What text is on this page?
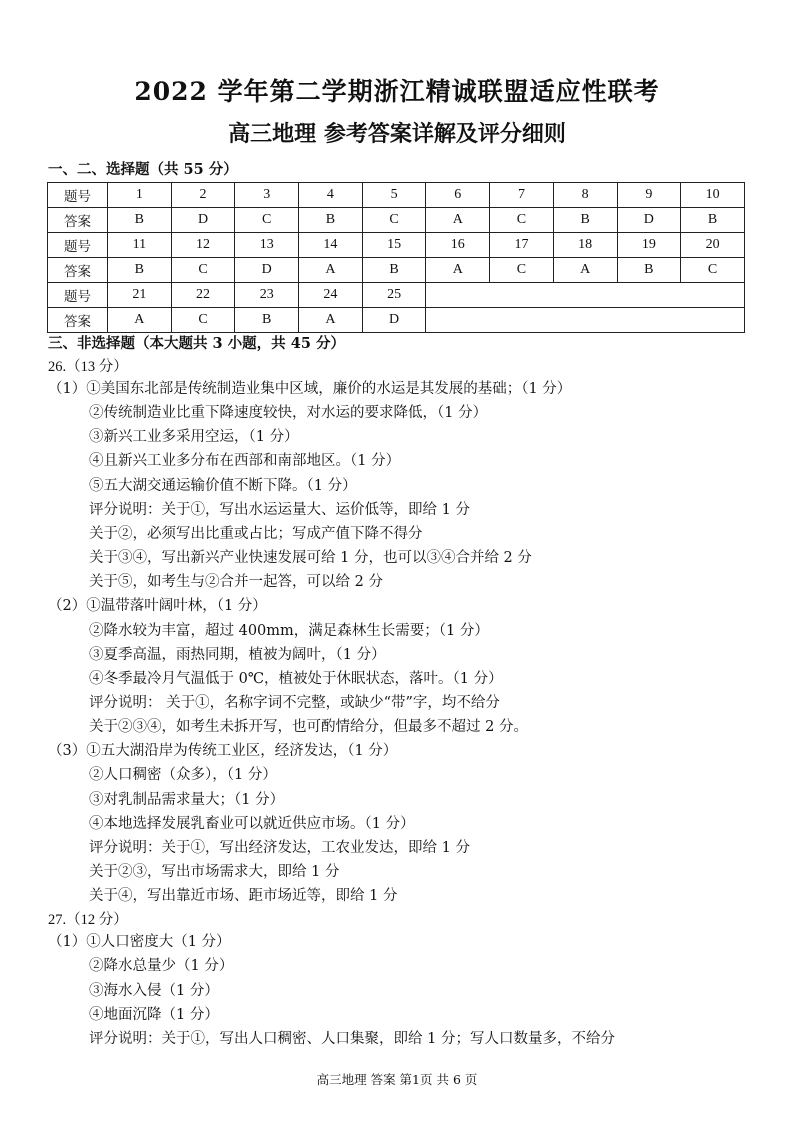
2022 学年第二学期浙江精诚联盟适应性联考
高三地理 参考答案详解及评分细则
一、二、选择题（共 55 分）
题号	1	2	3	4	5	6	7	8	9	10
答案	B	D	C	B	C	A	C	B	D	B
题号	11	12	13	14	15	16	17	18	19	20
答案	B	C	D	A	B	A	C	A	B	C
题号	21	22	23	24	25					
答案	A	C	B	A	D					
三、非选择题（本大题共 3 小题，共 45 分）
26.（13 分）
（1）①美国东北部是传统制造业集中区域，廉价的水运是其发展的基础；（1 分）
②传统制造业比重下降速度较快，对水运的要求降低，（1 分）
③新兴工业多采用空运，（1 分）
④且新兴工业多分布在西部和南部地区。（1 分）
⑤五大湖交通运输价值不断下降。（1 分）
评分说明：关于①，写出水运运量大、运价低等，即给 1 分
关于②，必须写出比重或占比；写成产值下降不得分
关于③④，写出新兴产业快速发展可给 1 分，也可以③④合并给 2 分
关于⑤，如考生与②合并一起答，可以给 2 分
（2）①温带落叶阔叶林，（1 分）
②降水较为丰富，超过 400mm，满足森林生长需要；（1 分）
③夏季高温，雨热同期，植被为阔叶，（1 分）
④冬季最冷月气温低于 0℃，植被处于休眠状态，落叶。（1 分）
评分说明： 关于①，名称字词不完整，或缺少“带”字，均不给分
关于②③④，如考生未拆开写，也可酌情给分，但最多不超过 2 分。
（3）①五大湖沿岸为传统工业区，经济发达，（1 分）
②人口稠密（众多），（1 分）
③对乳制品需求量大；（1 分）
④本地选择发展乳畜业可以就近供应市场。（1 分）
评分说明：关于①，写出经济发达，工农业发达，即给 1 分
关于②③，写出市场需求大，即给 1 分
关于④，写出靠近市场、距市场近等，即给 1 分
27.（12 分）
（1）①人口密度大（1 分）
②降水总量少（1 分）
③海水入侵（1 分）
④地面沉降（1 分）
评分说明：关于①，写出人口稠密、人口集聚，即给 1 分；写人口数量多，不给分
高三地理 答案 第1页 共 6 页
